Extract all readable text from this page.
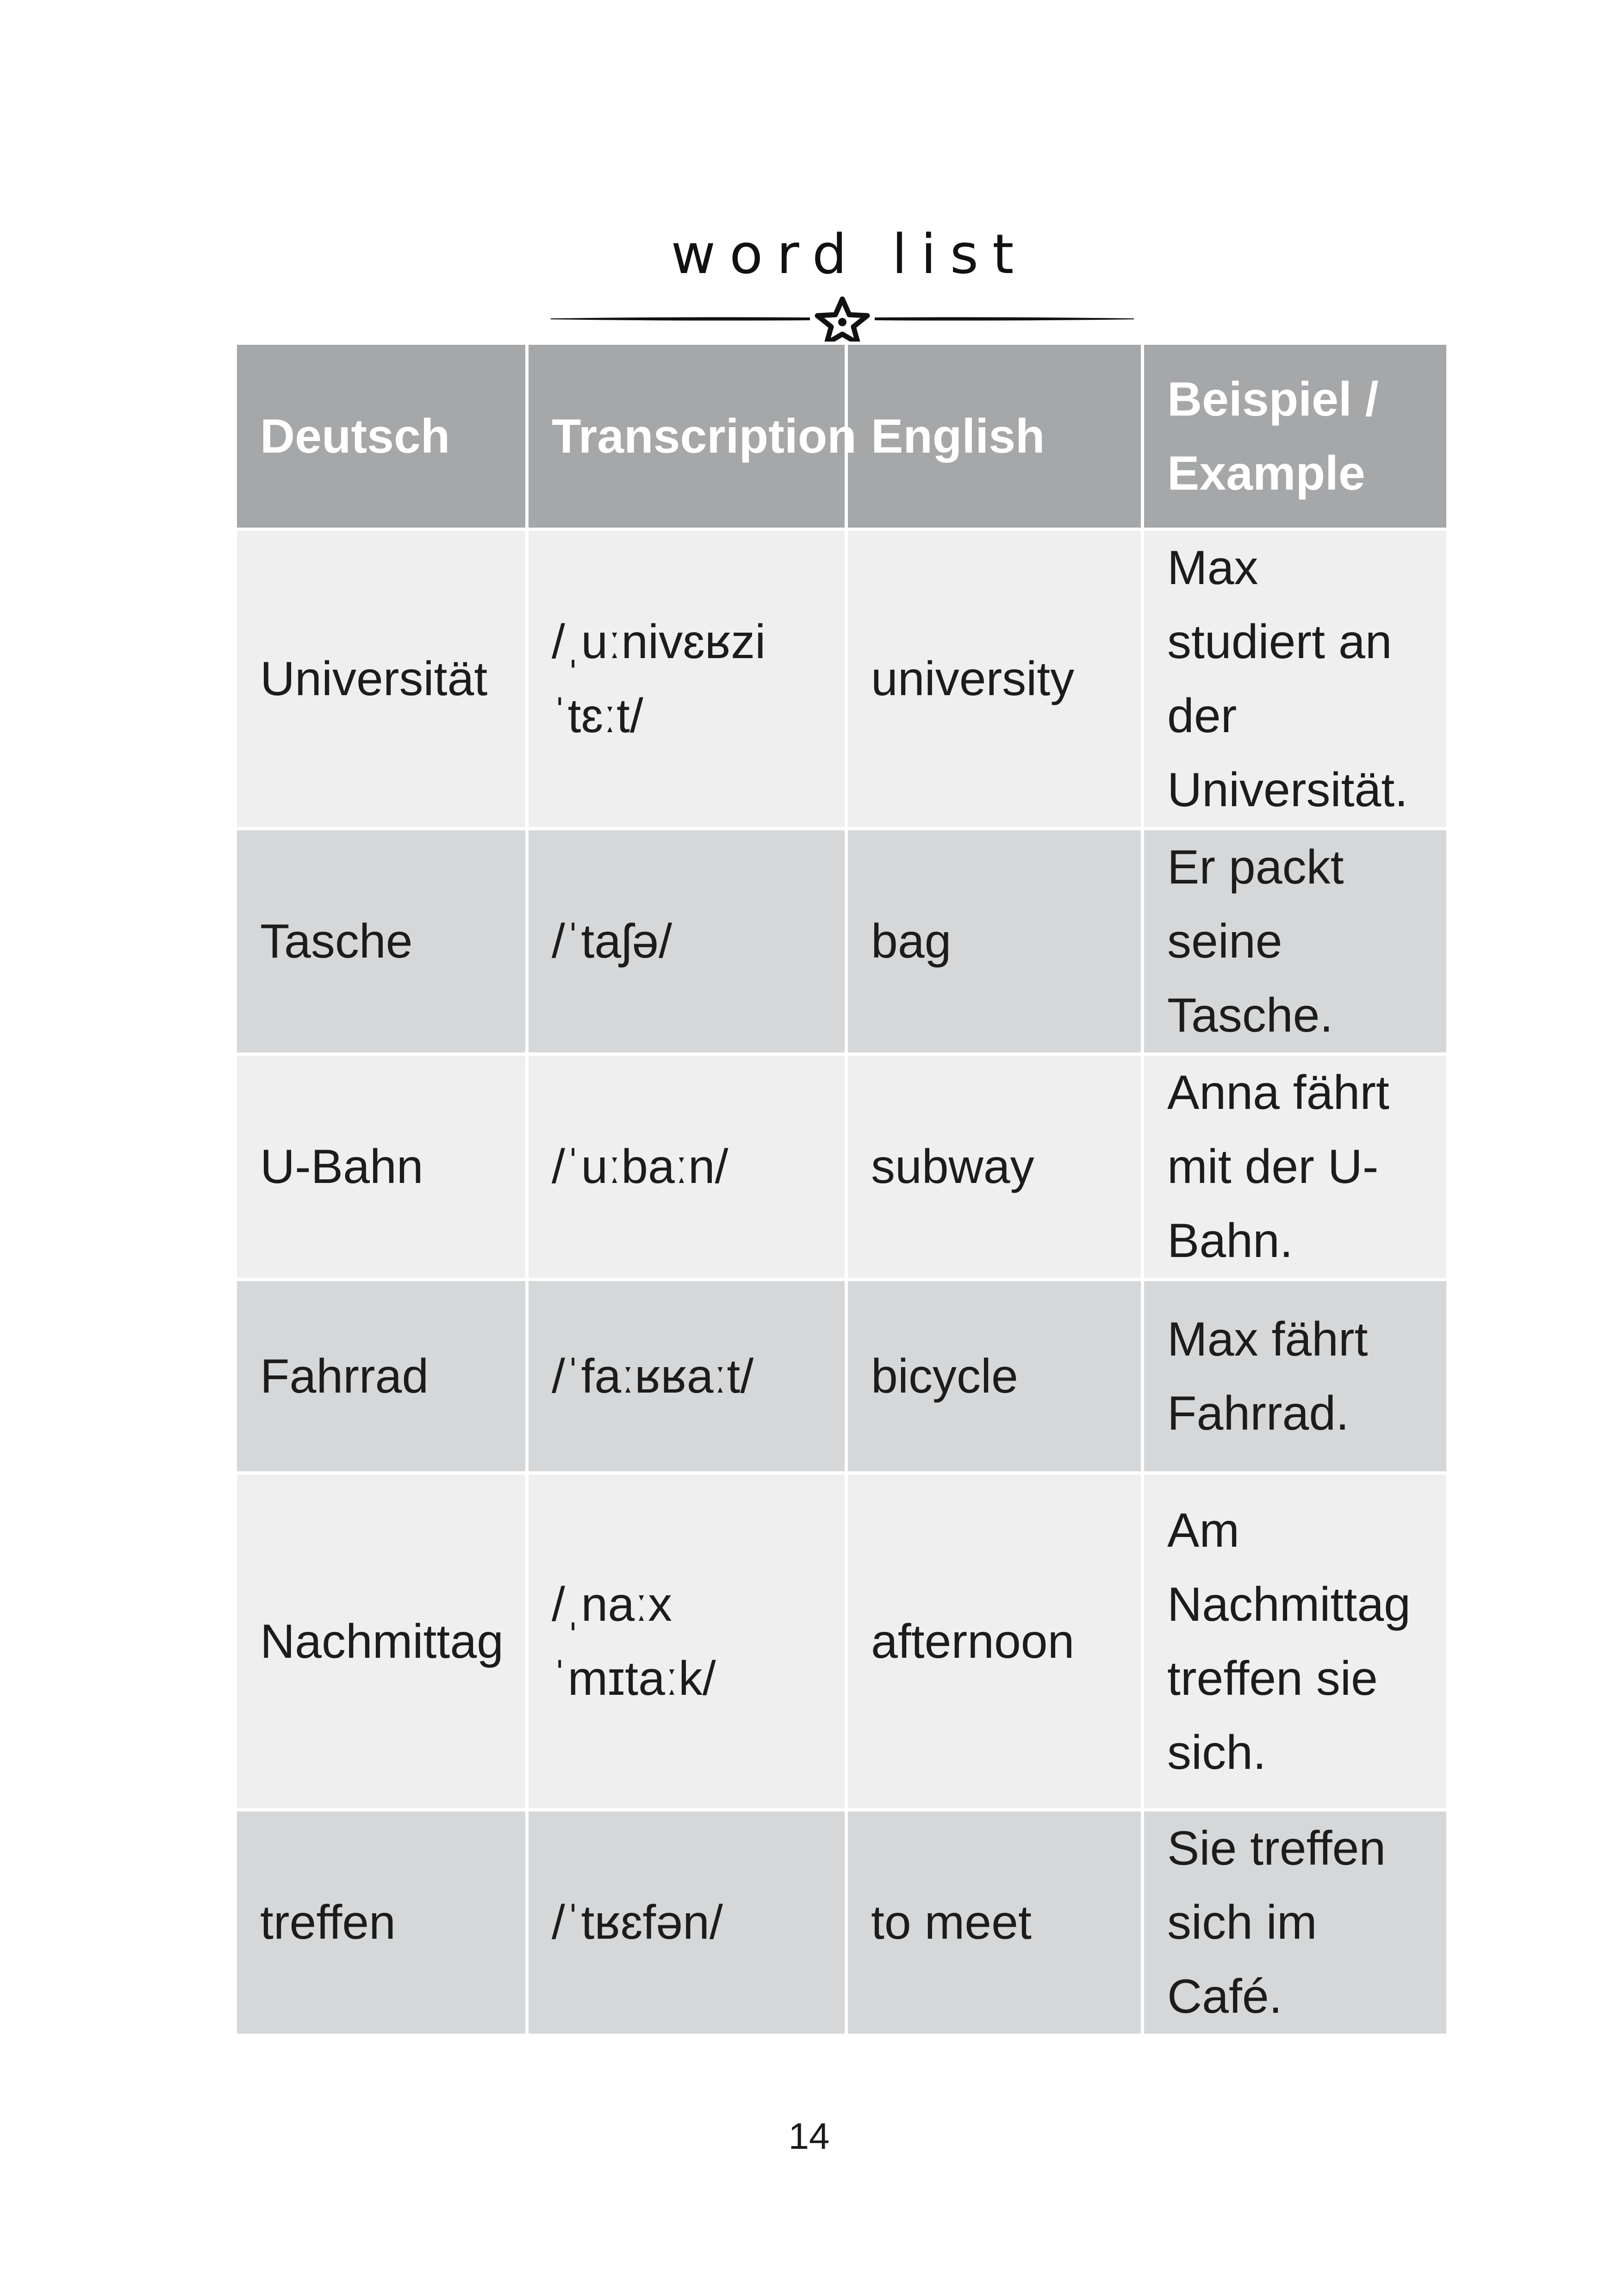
word list
Deutsch	Transcription	English	Beispiel / Example
Universität	/ˌuːnivɛʁzi ˈtɛːt/	university	Max studiert an der Universität.
Tasche	/ˈtaʃə/	bag	Er packt seine Tasche.
U-Bahn	/ˈuːbaːn/	subway	Anna fährt mit der U-Bahn.
Fahrrad	/ˈfaːʁʁaːt/	bicycle	Max fährt Fahrrad.
Nachmittag	/ˌnaːxˈmɪtaːk/	afternoon	Am Nachmittag treffen sie sich.
treffen	/ˈtʁɛfən/	to meet	Sie treffen sich im Café.
14
